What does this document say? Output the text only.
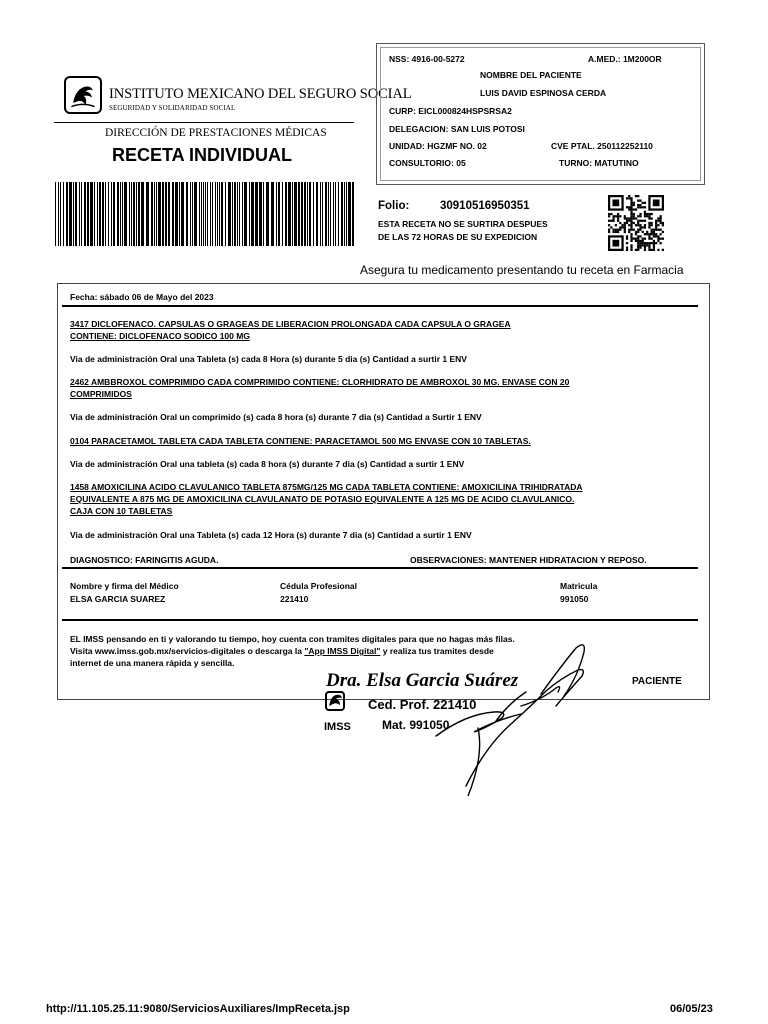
INSTITUTO MEXICANO DEL SEGURO SOCIAL
SEGURIDAD Y SOLIDARIDAD SOCIAL
DIRECCIÓN DE PRESTACIONES MÉDICAS
RECETA INDIVIDUAL
NSS: 4916-00-5272	A.MED.: 1M200OR
NOMBRE DEL PACIENTE
LUIS DAVID ESPINOSA CERDA
CURP: EICL000824HSPSRSA2
DELEGACION: SAN LUIS POTOSI
UNIDAD: HGZMF NO. 02	CVE PTAL. 250112252110
CONSULTORIO: 05	TURNO: MATUTINO
Folio:	30910516950351
ESTA RECETA NO SE SURTIRA DESPUES
DE LAS 72 HORAS DE SU EXPEDICION
Asegura tu medicamento presentando tu receta en Farmacia
Fecha: sábado 06 de Mayo del 2023
3417 DICLOFENACO. CAPSULAS O GRAGEAS DE LIBERACION PROLONGADA CADA CAPSULA O GRAGEA
CONTIENE: DICLOFENACO SODICO 100 MG
Via de administración Oral una Tableta (s) cada 8 Hora (s) durante 5 dia (s) Cantidad a surtir 1 ENV
2462 AMBBROXOL COMPRIMIDO CADA COMPRIMIDO CONTIENE: CLORHIDRATO DE AMBROXOL 30 MG. ENVASE CON 20
COMPRIMIDOS
Via de administración Oral un comprimido (s) cada 8 hora (s) durante 7 dia (s) Cantidad a Surtir 1 ENV
0104 PARACETAMOL TABLETA CADA TABLETA CONTIENE: PARACETAMOL 500 MG ENVASE CON 10 TABLETAS.
Via de administración Oral una tableta (s) cada 8 hora (s) durante 7 dia (s) Cantidad a surtir 1 ENV
1458 AMOXICILINA ACIDO CLAVULANICO TABLETA 875MG/125 MG CADA TABLETA CONTIENE: AMOXICILINA TRIHIDRATADA
EQUIVALENTE A 875 MG DE AMOXICILINA CLAVULANATO DE POTASIO EQUIVALENTE A 125 MG DE ACIDO CLAVULANICO.
CAJA CON 10 TABLETAS
Via de administración Oral una Tableta (s) cada 12 Hora (s) durante 7 dia (s) Cantidad a surtir 1 ENV
DIAGNOSTICO: FARINGITIS AGUDA.	OBSERVACIONES: MANTENER HIDRATACION Y REPOSO.
Nombre y firma del Médico
ELSA GARCIA SUAREZ
Cédula Profesional
221410
Matricula
991050
EL IMSS pensando en ti y valorando tu tiempo, hoy cuenta con tramites digitales para que no hagas más filas.
Visita www.imss.gob.mx/servicios-digitales o descarga la "App IMSS Digital" y realiza tus tramites desde
internet de una manera rápida y sencilla.
PACIENTE
Dra. Elsa Garcia Suárez
IMSS
Ced. Prof. 221410
Mat. 991050
http://11.105.25.11:9080/ServiciosAuxiliares/ImpReceta.jsp	06/05/23
